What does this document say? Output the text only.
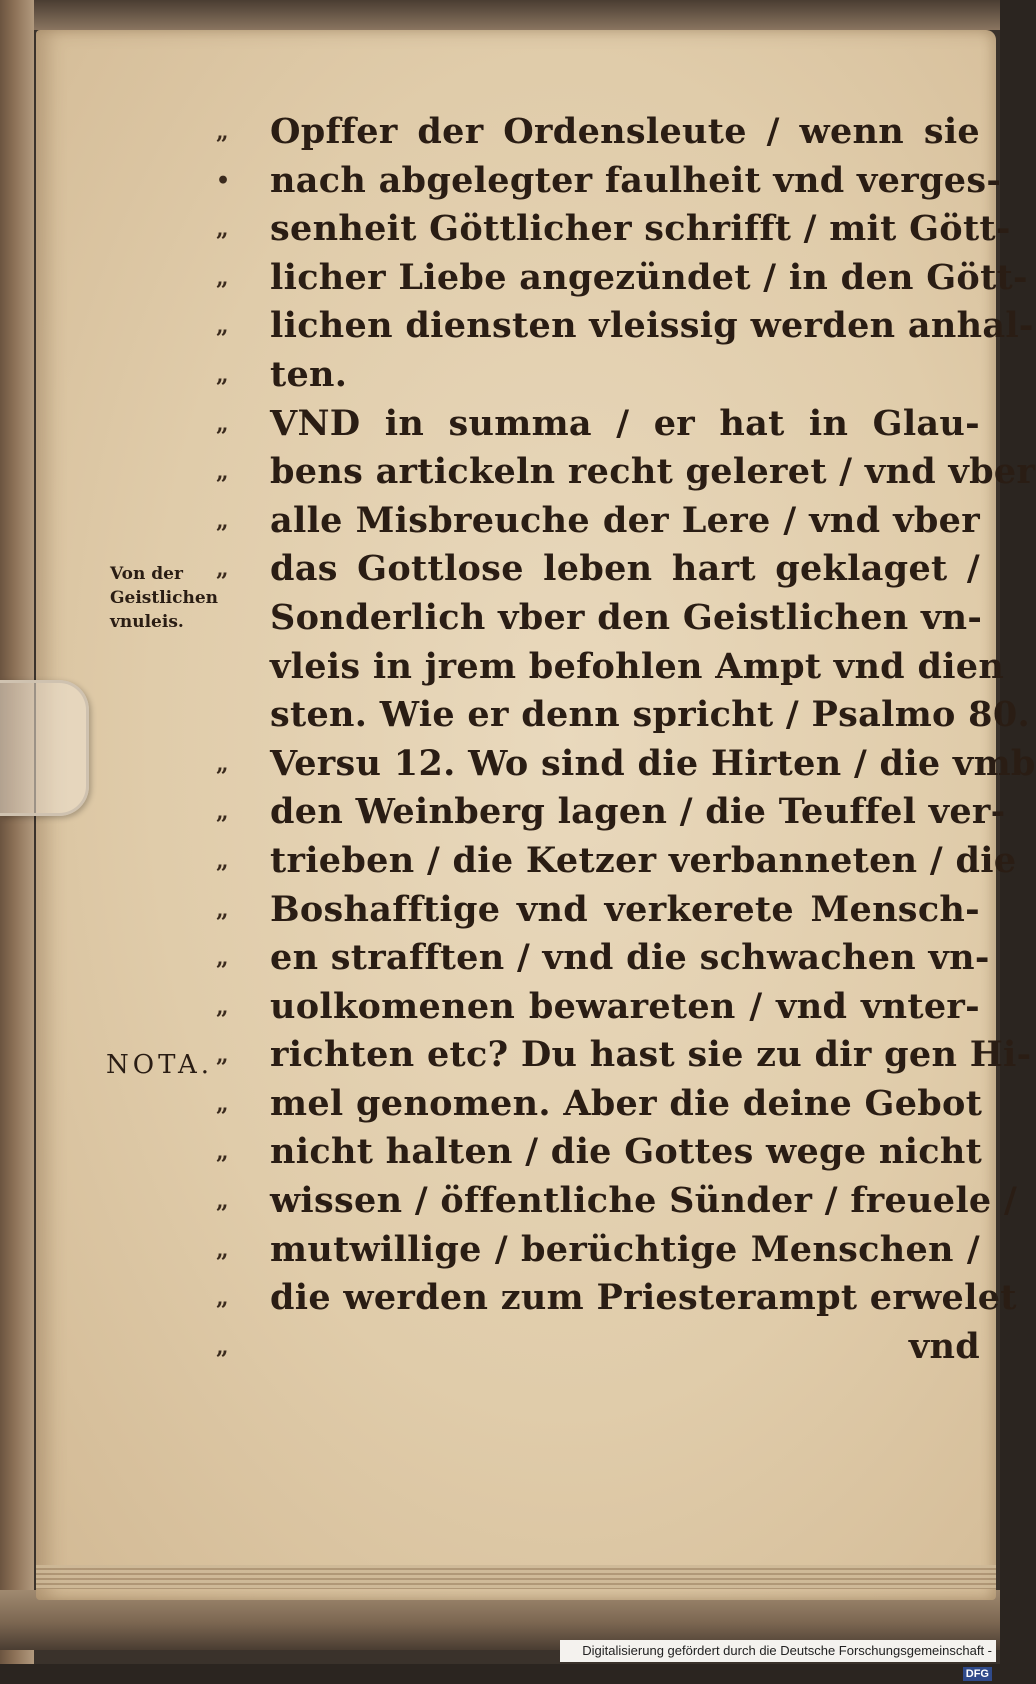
„
•
„
„
„
„
„
„
„
„
„
„
„
„
„
„
„
„
„
„
„
„
„
Von der
Geistlichen
vnuleis.
NOTA.
Opffer der Ordensleute / wenn sie
nach abgelegter faulheit vnd verges-
senheit Göttlicher schrifft / mit Gött-
licher Liebe angezündet / in den Gött-
lichen diensten vleissig werden anhal-
ten.
VND in summa / er hat in Glau-
bens artickeln recht geleret / vnd vber
alle Misbreuche der Lere / vnd vber
das Gottlose leben hart geklaget /
Sonderlich vber den Geistlichen vn-
vleis in jrem befohlen Ampt vnd dien
sten. Wie er denn spricht / Psalmo 80.
Versu 12. Wo sind die Hirten / die vmb
den Weinberg lagen / die Teuffel ver-
trieben / die Ketzer verbanneten / die
Boshafftige vnd verkerete Mensch-
en strafften / vnd die schwachen vn-
uolkomenen bewareten / vnd vnter-
richten etc? Du hast sie zu dir gen Hi-
mel genomen. Aber die deine Gebot
nicht halten / die Gottes wege nicht
wissen / öffentliche Sünder / freuele /
mutwillige / berüchtige Menschen /
die werden zum Priesterampt erwelet
vnd
Digitalisierung gefördert durch die Deutsche Forschungsgemeinschaft -DFG
